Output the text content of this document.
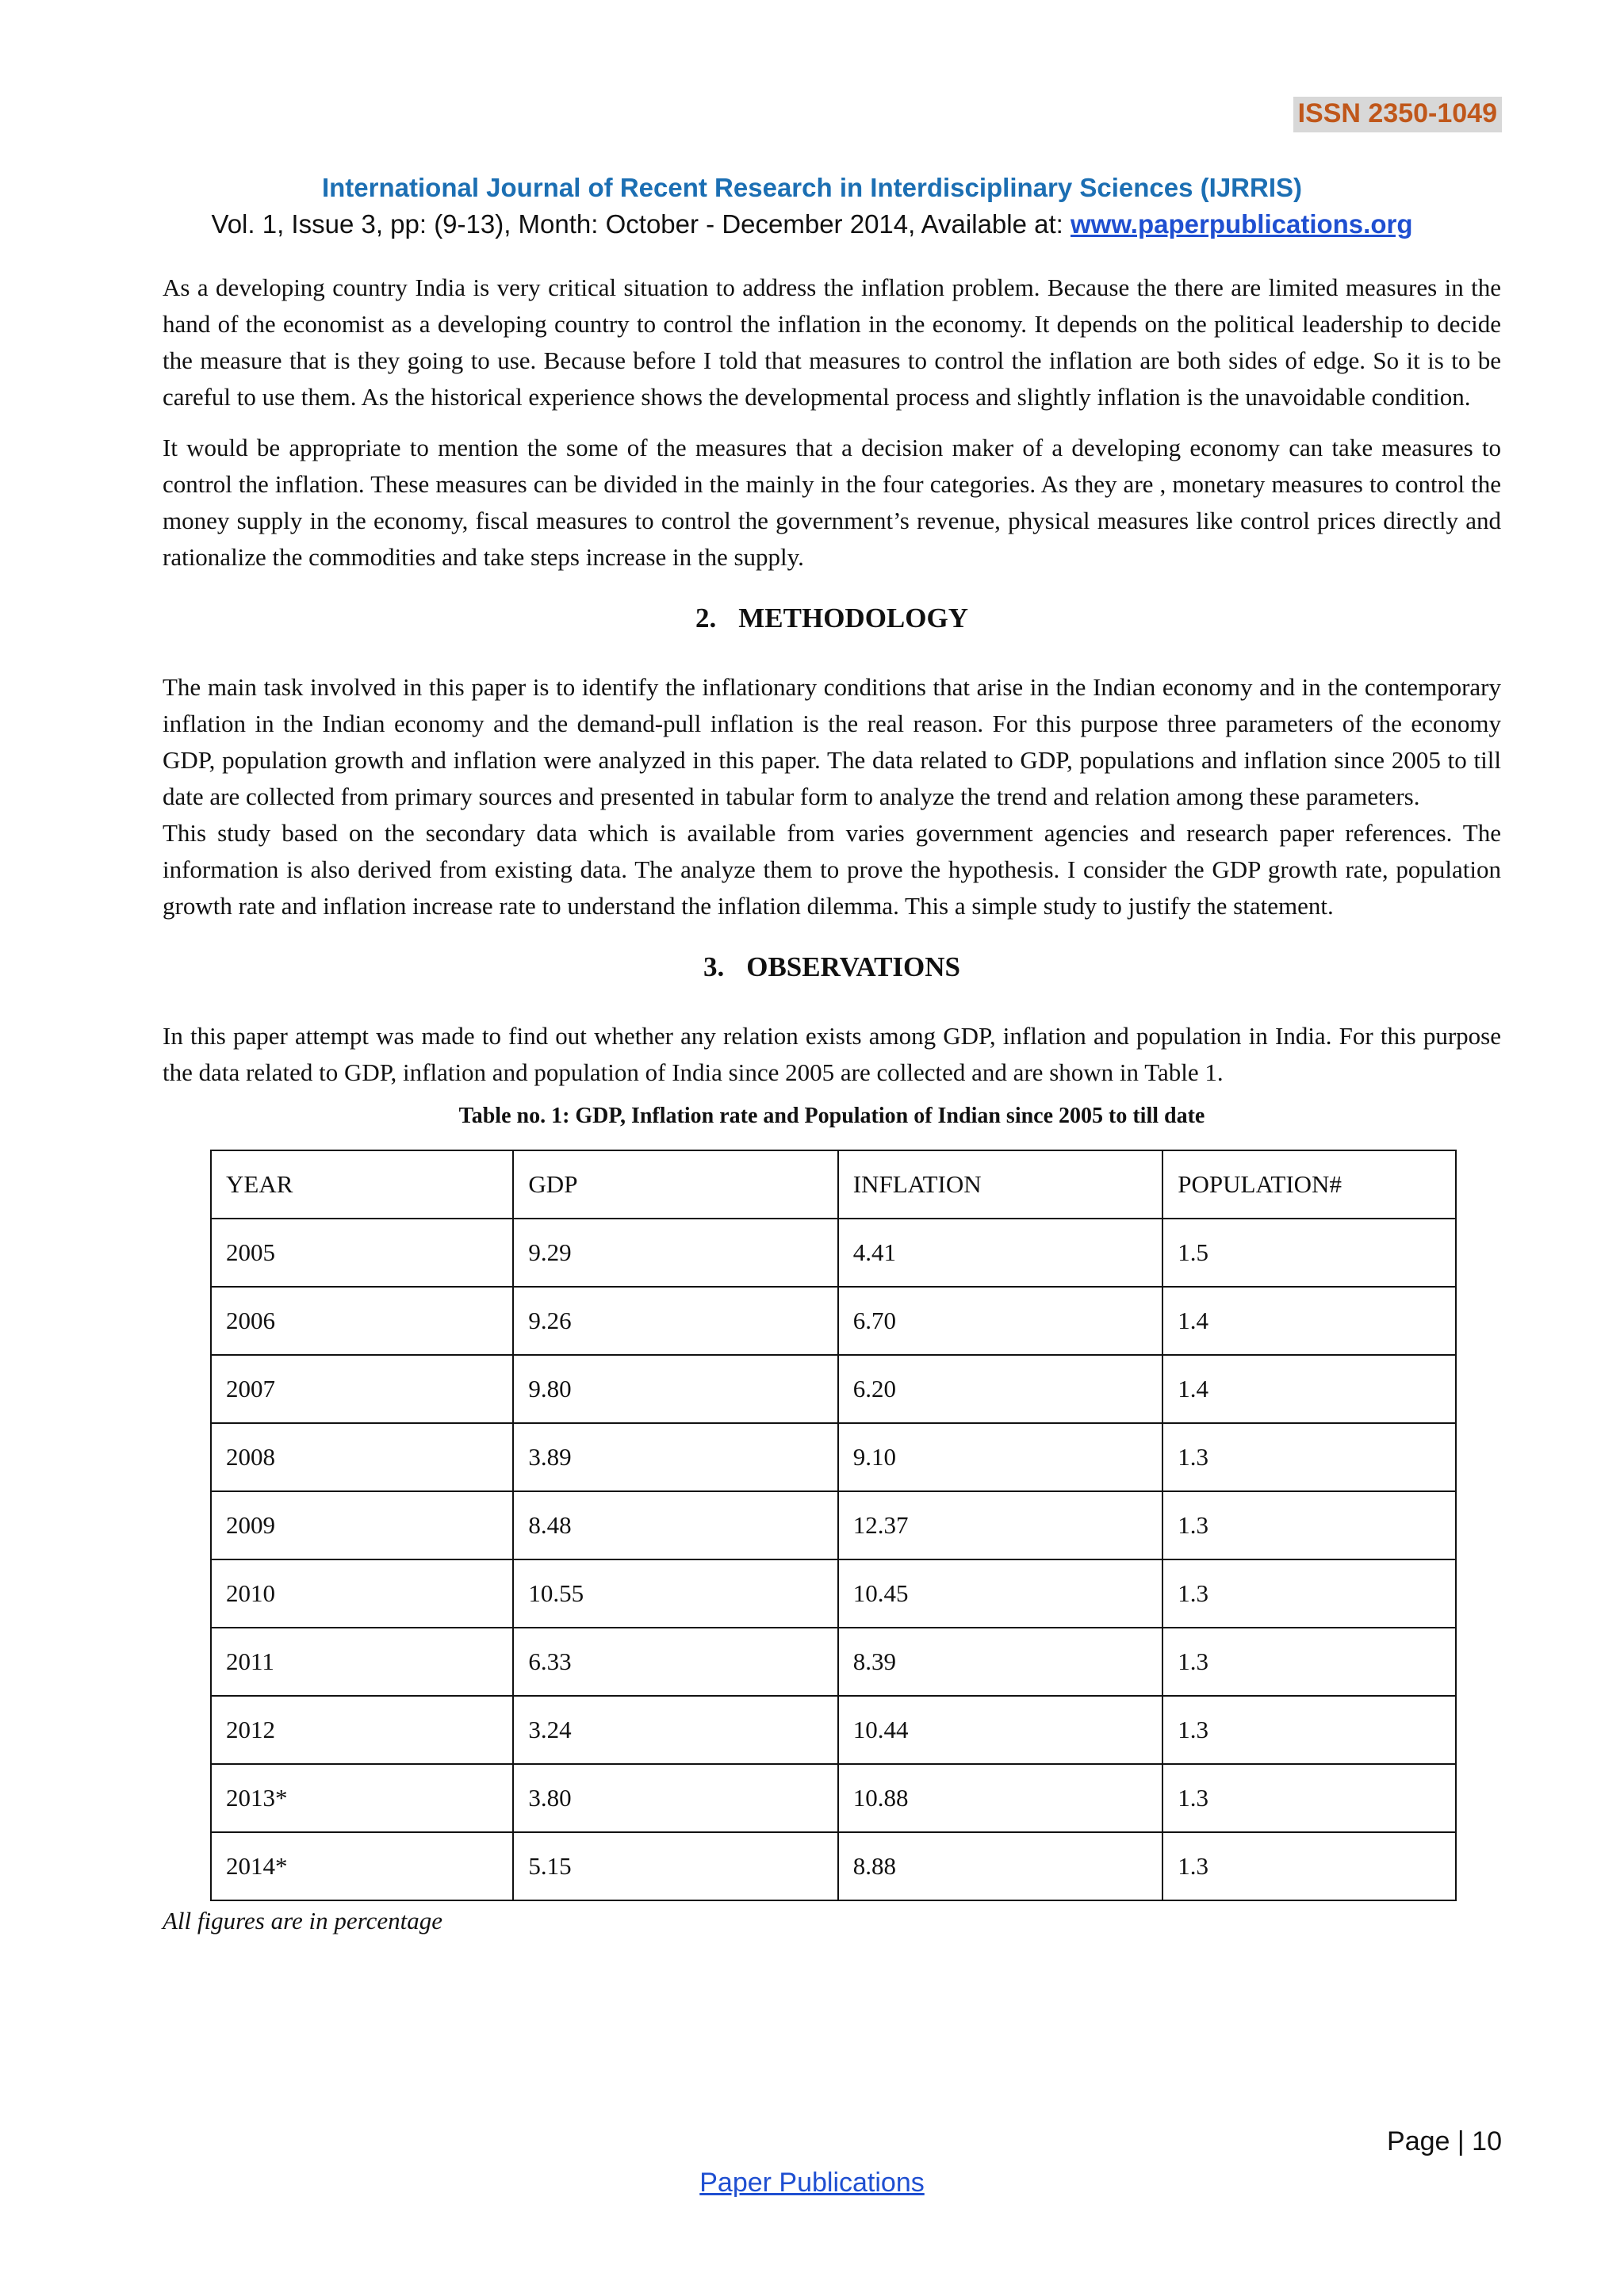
ISSN 2350-1049
International Journal of Recent Research in Interdisciplinary Sciences (IJRRIS)
Vol. 1, Issue 3, pp: (9-13), Month: October - December 2014, Available at: www.paperpublications.org

As a developing country India is very critical situation to address the inflation problem. Because the there are limited measures in the hand of the economist as a developing country to control the inflation in the economy. It depends on the political leadership to decide the measure that is they going to use. Because before I told that measures to control the inflation are both sides of edge. So it is to be careful to use them. As the historical experience shows the developmental process and slightly inflation is the unavoidable condition.

It would be appropriate to mention the some of the measures that a decision maker of a developing economy can take measures to control the inflation. These measures can be divided in the mainly in the four categories. As they are , monetary measures to control the money supply in the economy, fiscal measures to control the government’s revenue, physical measures like control prices directly and rationalize the commodities and take steps increase in the supply.

2. METHODOLOGY

The main task involved in this paper is to identify the inflationary conditions that arise in the Indian economy and in the contemporary inflation in the Indian economy and the demand-pull inflation is the real reason. For this purpose three parameters of the economy GDP, population growth and inflation were analyzed in this paper. The data related to GDP, populations and inflation since 2005 to till date are collected from primary sources and presented in tabular form to analyze the trend and relation among these parameters.

This study based on the secondary data which is available from varies government agencies and research paper references. The information is also derived from existing data. The analyze them to prove the hypothesis. I consider the GDP growth rate, population growth rate and inflation increase rate to understand the inflation dilemma. This a simple study to justify the statement.

3. OBSERVATIONS

In this paper attempt was made to find out whether any relation exists among GDP, inflation and population in India. For this purpose the data related to GDP, inflation and population of India since 2005 are collected and are shown in Table 1.

Table no. 1: GDP, Inflation rate and Population of Indian since 2005 to till date
YEAR	GDP	INFLATION	POPULATION#
2005	9.29	4.41	1.5
2006	9.26	6.70	1.4
2007	9.80	6.20	1.4
2008	3.89	9.10	1.3
2009	8.48	12.37	1.3
2010	10.55	10.45	1.3
2011	6.33	8.39	1.3
2012	3.24	10.44	1.3
2013*	3.80	10.88	1.3
2014*	5.15	8.88	1.3
All figures are in percentage
Page | 10
Paper Publications
